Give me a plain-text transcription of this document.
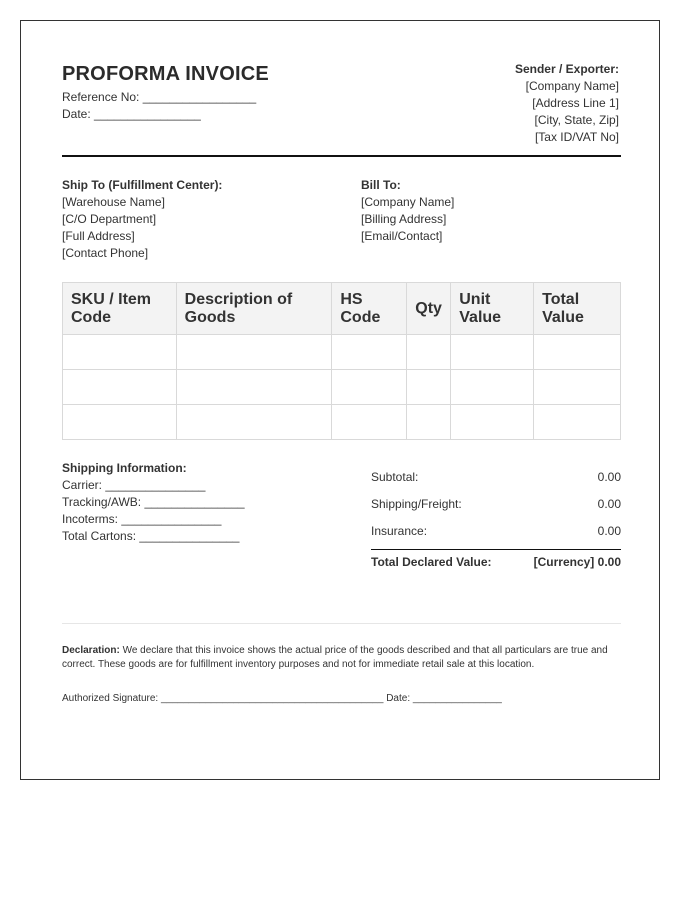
PROFORMA INVOICE
Reference No: _________________
Date: ________________
Sender / Exporter:
[Company Name]
[Address Line 1]
[City, State, Zip]
[Tax ID/VAT No]
Ship To (Fulfillment Center):
[Warehouse Name]
[C/O Department]
[Full Address]
[Contact Phone]
Bill To:
[Company Name]
[Billing Address]
[Email/Contact]
SKU / Item Code	Description of Goods	HS Code	Qty	Unit Value	Total Value

Shipping Information:
Carrier: _______________
Tracking/AWB: _______________
Incoterms: _______________
Total Cartons: _______________
Subtotal:	0.00
Shipping/Freight:	0.00
Insurance:	0.00
Total Declared Value:	[Currency] 0.00
Declaration: We declare that this invoice shows the actual price of the goods described and that all particulars are true and correct. These goods are for fulfillment inventory purposes and not for immediate retail sale at this location.
Authorized Signature: ________________________________________ Date: ________________
